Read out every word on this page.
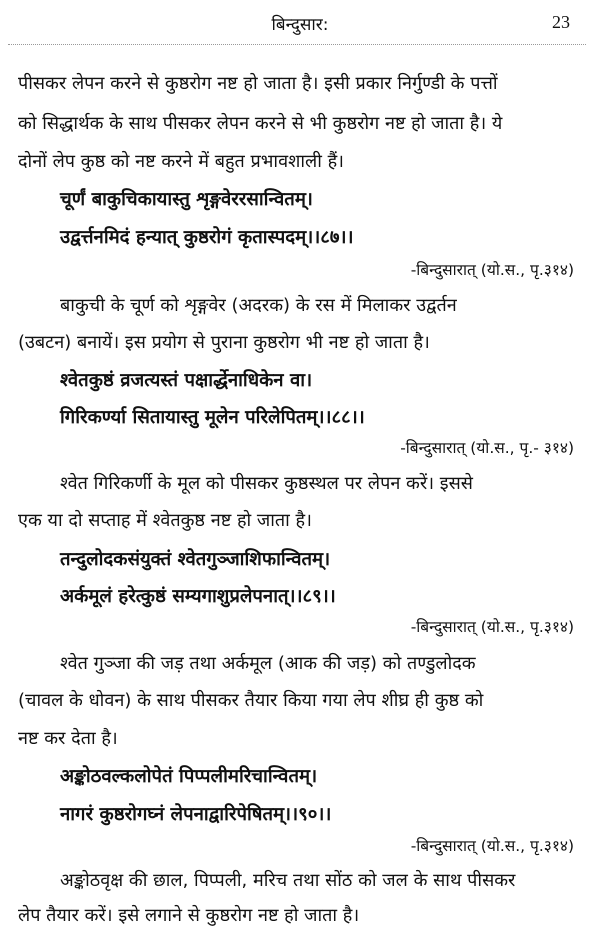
बिन्दुसार:	23
पीसकर लेपन करने से कुष्ठरोग नष्ट हो जाता है। इसी प्रकार निर्गुण्डी के पत्तों
को सिद्धार्थक के साथ पीसकर लेपन करने से भी कुष्ठरोग नष्ट हो जाता है। ये
दोनों लेप कुष्ठ को नष्ट करने में बहुत प्रभावशाली हैं।
चूर्णं बाकुचिकायास्तु शृङ्गवेररसान्वितम्।
उद्वर्त्तनमिदं हन्यात् कुष्ठरोगं कृतास्पदम्।।८७।।
-बिन्दुसारात् (यो.स., पृ.३१४)
बाकुची के चूर्ण को शृङ्गवेर (अदरक) के रस में मिलाकर उद्वर्तन
(उबटन) बनायें। इस प्रयोग से पुराना कुष्ठरोग भी नष्ट हो जाता है।
श्वेतकुष्ठं व्रजत्यस्तं पक्षार्द्धेनाधिकेन वा।
गिरिकर्ण्या सितायास्तु मूलेन परिलेपितम्।।८८।।
-बिन्दुसारात् (यो.स., पृ.- ३१४)
श्वेत गिरिकर्णी के मूल को पीसकर कुष्ठस्थल पर लेपन करें। इससे
एक या दो सप्ताह में श्वेतकुष्ठ नष्ट हो जाता है।
तन्दुलोदकसंयुक्तं श्वेतगुञ्जाशिफान्वितम्।
अर्कमूलं हरेत्कुष्ठं सम्यगाशुप्रलेपनात्।।८९।।
-बिन्दुसारात् (यो.स., पृ.३१४)
श्वेत गुञ्जा की जड़ तथा अर्कमूल (आक की जड़) को तण्डुलोदक
(चावल के धोवन) के साथ पीसकर तैयार किया गया लेप शीघ्र ही कुष्ठ को
नष्ट कर देता है।
अङ्कोठवल्कलोपेतं पिप्पलीमरिचान्वितम्।
नागरं कुष्ठरोगघ्नं लेपनाद्वारिपेषितम्।।९०।।
-बिन्दुसारात् (यो.स., पृ.३१४)
अङ्कोठवृक्ष की छाल, पिप्पली, मरिच तथा सोंठ को जल के साथ पीसकर
लेप तैयार करें। इसे लगाने से कुष्ठरोग नष्ट हो जाता है।
